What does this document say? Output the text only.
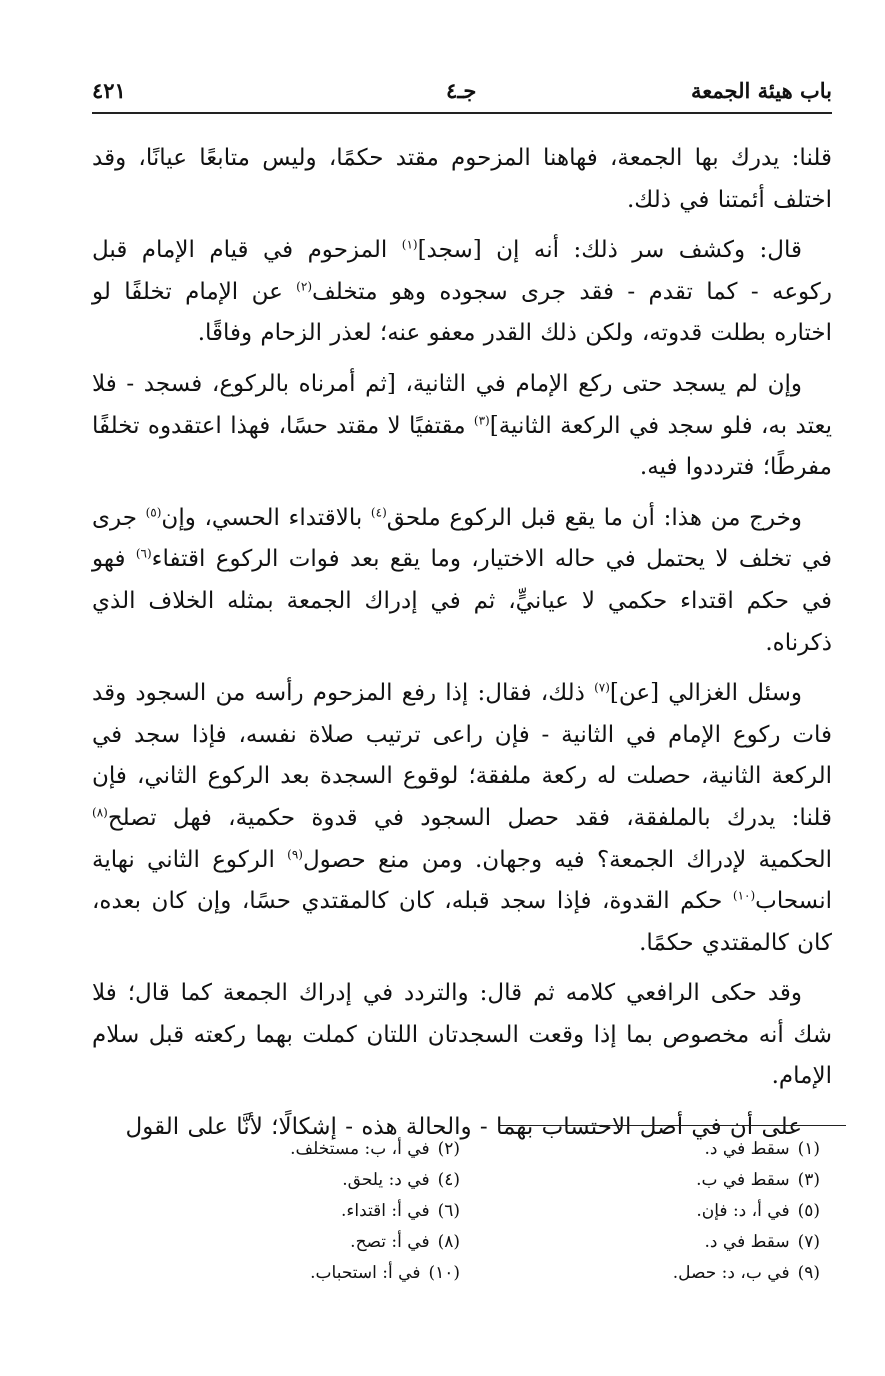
باب هيئة الجمعة
جـ٤
٤٢١

قلنا: يدرك بها الجمعة، فهاهنا المزحوم مقتد حكمًا، وليس متابعًا عيانًا، وقد اختلف أئمتنا في ذلك.

قال: وكشف سر ذلك: أنه إن [سجد]$^{(١)}$ المزحوم في قيام الإمام قبل ركوعه - كما تقدم - فقد جرى سجوده وهو متخلف$^{(٢)}$ عن الإمام تخلفًا لو اختاره بطلت قدوته، ولكن ذلك القدر معفو عنه؛ لعذر الزحام وفاقًا.

وإن لم يسجد حتى ركع الإمام في الثانية، [ثم أمرناه بالركوع، فسجد - فلا يعتد به، فلو سجد في الركعة الثانية]$^{(٣)}$ مقتفيًا لا مقتد حسًا، فهذا اعتقدوه تخلفًا مفرطًا؛ فترددوا فيه.

وخرج من هذا: أن ما يقع قبل الركوع ملحق$^{(٤)}$ بالاقتداء الحسي، وإن$^{(٥)}$ جرى في تخلف لا يحتمل في حاله الاختيار، وما يقع بعد فوات الركوع اقتفاء$^{(٦)}$ فهو في حكم اقتداء حكمي لا عيانيٍّ، ثم في إدراك الجمعة بمثله الخلاف الذي ذكرناه.

وسئل الغزالي [عن]$^{(٧)}$ ذلك، فقال: إذا رفع المزحوم رأسه من السجود وقد فات ركوع الإمام في الثانية - فإن راعى ترتيب صلاة نفسه، فإذا سجد في الركعة الثانية، حصلت له ركعة ملفقة؛ لوقوع السجدة بعد الركوع الثاني، فإن قلنا: يدرك بالملفقة، فقد حصل السجود في قدوة حكمية، فهل تصلح$^{(٨)}$ الحكمية لإدراك الجمعة؟ فيه وجهان. ومن منع حصول$^{(٩)}$ الركوع الثاني نهاية انسحاب$^{(١٠)}$ حكم القدوة، فإذا سجد قبله، كان كالمقتدي حسًا، وإن كان بعده، كان كالمقتدي حكمًا.

وقد حكى الرافعي كلامه ثم قال: والتردد في إدراك الجمعة كما قال؛ فلا شك أنه مخصوص بما إذا وقعت السجدتان اللتان كملت بهما ركعته قبل سلام الإمام.

على أن في أصل الاحتساب بهما - والحالة هذه - إشكالًا؛ لأنَّا على القول

(١)سقط في د.
(٢)في أ، ب: مستخلف.
(٣)سقط في ب.
(٤)في د: يلحق.
(٥)في أ، د: فإن.
(٦)في أ: اقتداء.
(٧)سقط في د.
(٨)في أ: تصح.
(٩)في ب، د: حصل.
(١٠)في أ: استحباب.
